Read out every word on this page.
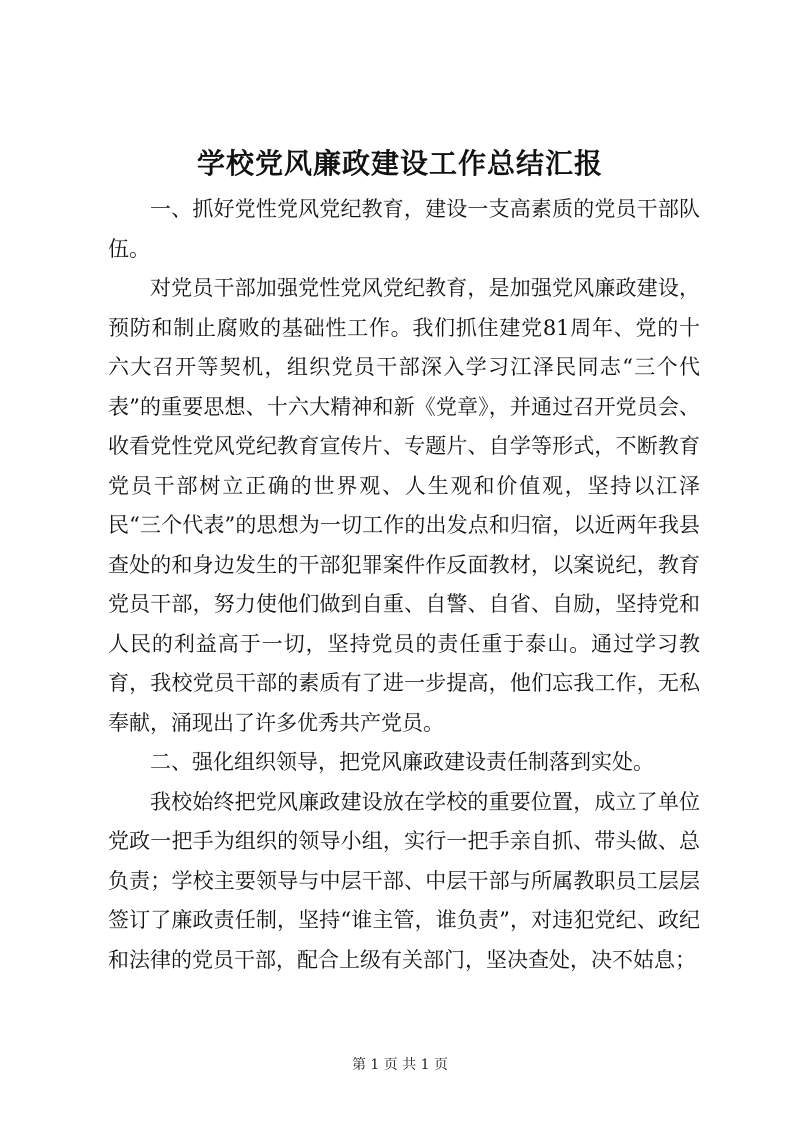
学校党风廉政建设工作总结汇报

一、抓好党性党风党纪教育，建设一支高素质的党员干部队伍。

对党员干部加强党性党风党纪教育，是加强党风廉政建设，预防和制止腐败的基础性工作。我们抓住建党81周年、党的十六大召开等契机，组织党员干部深入学习江泽民同志“三个代表”的重要思想、十六大精神和新《党章》，并通过召开党员会、收看党性党风党纪教育宣传片、专题片、自学等形式，不断教育党员干部树立正确的世界观、人生观和价值观，坚持以江泽民“三个代表”的思想为一切工作的出发点和归宿，以近两年我县查处的和身边发生的干部犯罪案件作反面教材，以案说纪，教育党员干部，努力使他们做到自重、自警、自省、自励，坚持党和人民的利益高于一切，坚持党员的责任重于泰山。通过学习教育，我校党员干部的素质有了进一步提高，他们忘我工作，无私奉献，涌现出了许多优秀共产党员。

二、强化组织领导，把党风廉政建设责任制落到实处。

我校始终把党风廉政建设放在学校的重要位置，成立了单位党政一把手为组织的领导小组，实行一把手亲自抓、带头做、总负责；学校主要领导与中层干部、中层干部与所属教职员工层层签订了廉政责任制，坚持“谁主管，谁负责”，对违犯党纪、政纪和法律的党员干部，配合上级有关部门，坚决查处，决不姑息；

第 1 页 共 1 页
